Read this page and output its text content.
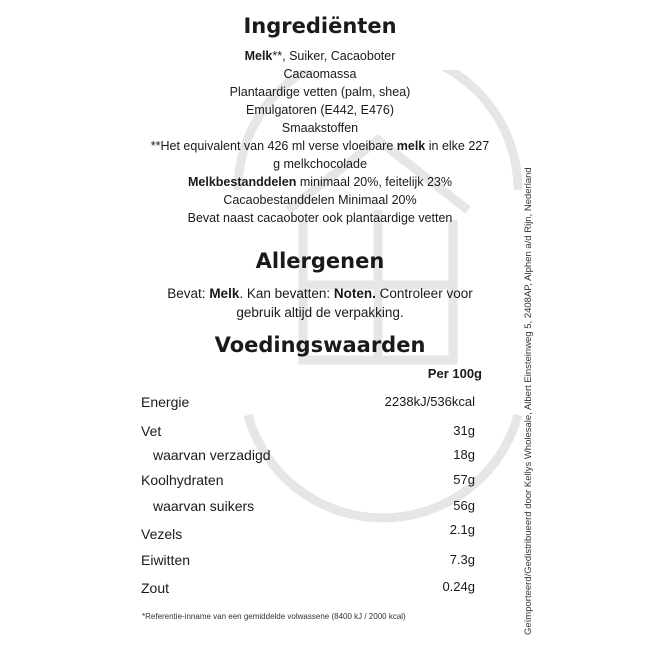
Ingrediënten
Melk**, Suiker, Cacaoboter
Cacaomassa
Plantaardige vetten (palm, shea)
Emulgatoren (E442, E476)
Smaakstoffen
**Het equivalent van 426 ml verse vloeibare melk in elke 227
g melkchocolade
Melkbestanddelen minimaal 20%, feitelijk 23%
Cacaobestanddelen Minimaal 20%
Bevat naast cacaoboter ook plantaardige vetten
Allergenen
Bevat: Melk. Kan bevatten: Noten. Controleer voor
gebruik altijd de verpakking.
Voedingswaarden
Per 100g
Energie	2238kJ/536kcal
Vet	31g
waarvan verzadigd	18g
Koolhydraten	57g
waarvan suikers	56g
Vezels	2.1g
Eiwitten	7.3g
Zout	0.24g
*Referentie-inname van een gemiddelde volwassene (8400 kJ / 2000 kcal)	Geïmporteerd/Gedistribueerd door Kellys Wholesale, Albert Einsteinweg 5, 2408AP, Alphen a/d Rijn, Nederland
